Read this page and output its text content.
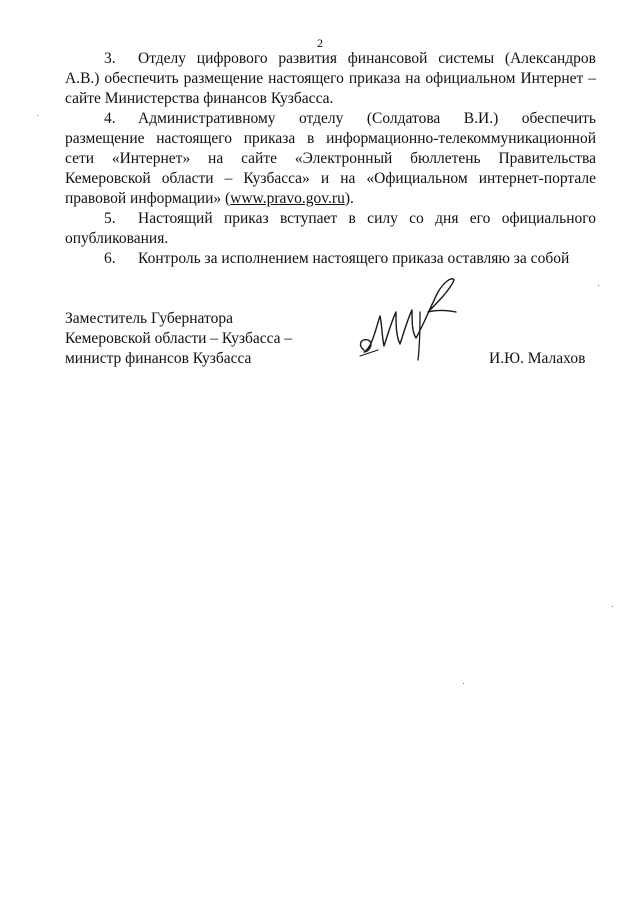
2

3. Отделу цифрового развития финансовой системы (Александров А.В.) обеспечить размещение настоящего приказа на официальном Интернет – сайте Министерства финансов Кузбасса.

4. Административному отделу (Солдатова В.И.) обеспечить размещение настоящего приказа в информационно-телекоммуникационной сети «Интернет» на сайте «Электронный бюллетень Правительства Кемеровской области – Кузбасса» и на «Официальном интернет-портале правовой информации» (www.pravo.gov.ru).

5. Настоящий приказ вступает в силу со дня его официального опубликования.

6. Контроль за исполнением настоящего приказа оставляю за собой

Заместитель Губернатора
Кемеровской области – Кузбасса –
министр финансов Кузбасса	И.Ю. Малахов
